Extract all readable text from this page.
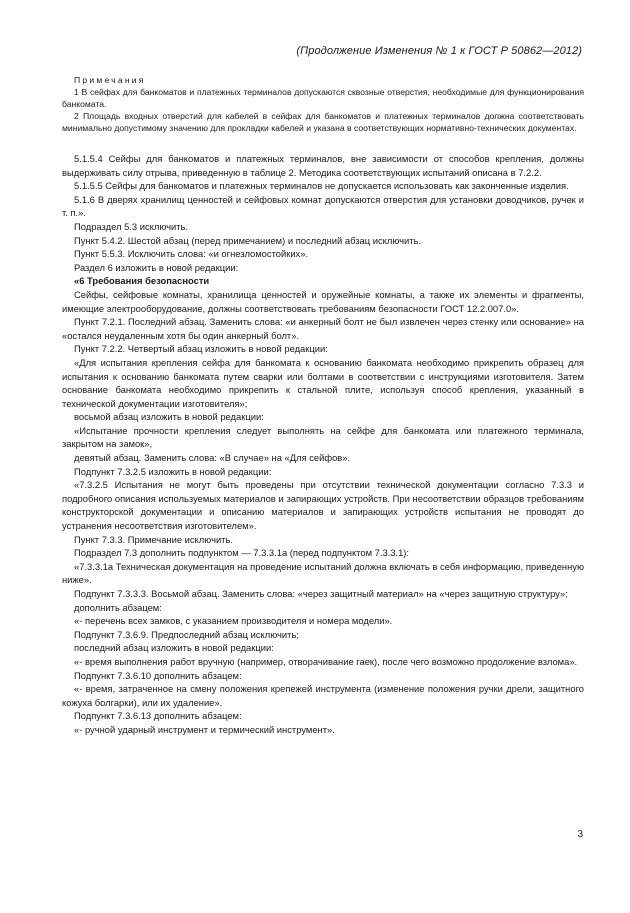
(Продолжение Изменения № 1 к ГОСТ Р 50862—2012)
Примечания

1 В сейфах для банкоматов и платежных терминалов допускаются сквозные отверстия, необходимые для функционирования банкомата.

2 Площадь входных отверстий для кабелей в сейфах для банкоматов и платежных терминалов должна соответствовать минимально допустимому значению для прокладки кабелей и указана в соответствующих нормативно-технических документах.

5.1.5.4 Сейфы для банкоматов и платежных терминалов, вне зависимости от способов крепления, должны выдерживать силу отрыва, приведенную в таблице 2. Методика соответствующих испытаний описана в 7.2.2.

5.1.5.5 Сейфы для банкоматов и платежных терминалов не допускается использовать как законченные изделия.

5.1.6 В дверях хранилищ ценностей и сейфовых комнат допускаются отверстия для установки доводчиков, ручек и т. п.».

Подраздел 5.3 исключить.

Пункт 5.4.2. Шестой абзац (перед примечанием) и последний абзац исключить.

Пункт 5.5.3. Исключить слова: «и огнезломостойких».

Раздел 6 изложить в новой редакции:

«6 Требования безопасности

Сейфы, сейфовые комнаты, хранилища ценностей и оружейные комнаты, а также их элементы и фрагменты, имеющие электрооборудование, должны соответствовать требованиям безопасности ГОСТ 12.2.007.0».

Пункт 7.2.1. Последний абзац. Заменить слова: «и анкерный болт не был извлечен через стенку или основание» на «остался неудаленным хотя бы один анкерный болт».

Пункт 7.2.2. Четвертый абзац изложить в новой редакции:

«Для испытания крепления сейфа для банкомата к основанию банкомата необходимо прикрепить образец для испытания к основанию банкомата путем сварки или болтами в соответствии с инструкциями изготовителя. Затем основание банкомата необходимо прикрепить к стальной плите, используя способ крепления, указанный в технической документации изготовителя»;

восьмой абзац изложить в новой редакции:

«Испытание прочности крепления следует выполнять на сейфе для банкомата или платежного терминала, закрытом на замок»,

девятый абзац. Заменить слова: «В случае» на «Для сейфов».

Подпункт 7.3.2.5 изложить в новой редакции:

«7.3.2.5 Испытания не могут быть проведены при отсутствии технической документации согласно 7.3.3 и подробного описания используемых материалов и запирающих устройств. При несоответствии образцов требованиям конструкторской документации и описанию материалов и запирающих устройств испытания не проводят до устранения несоответствия изготовителем».

Пункт 7.3.3. Примечание исключить.

Подраздел 7.3 дополнить подпунктом — 7.3.3.1а (перед подпунктом 7.3.3.1):

«7.3.3.1а Техническая документация на проведение испытаний должна включать в себя информацию, приведенную ниже».

Подпункт 7.3.3.3. Восьмой абзац. Заменить слова: «через защитный материал» на «через защитную структуру»;

дополнить абзацем:

«- перечень всех замков, с указанием производителя и номера модели».

Подпункт 7.3.6.9. Предпоследний абзац исключить;

последний абзац изложить в новой редакции:

«- время выполнения работ вручную (например, отворачивание гаек), после чего возможно продолжение взлома».

Подпункт 7.3.6.10 дополнить абзацем:

«- время, затраченное на смену положения крепежей инструмента (изменение положения ручки дрели, защитного кожуха болгарки), или их удаление».

Подпункт 7.3.6.13 дополнить абзацем:

«- ручной ударный инструмент и термический инструмент».

3
